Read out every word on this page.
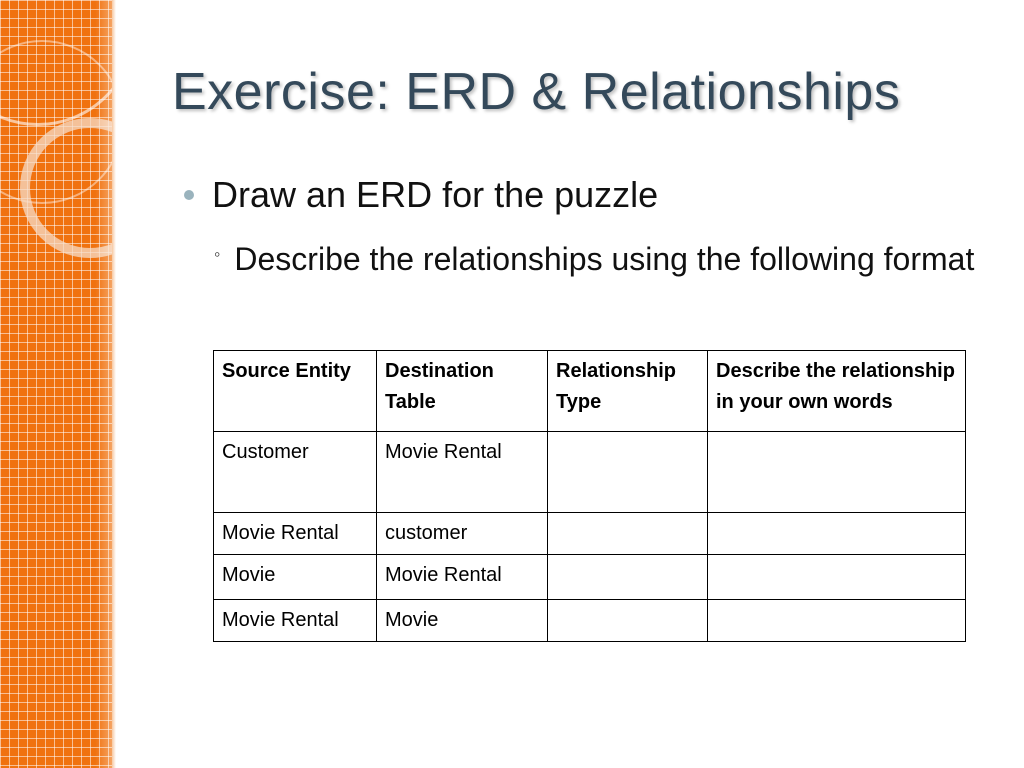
Exercise: ERD & Relationships
Draw an ERD for the puzzle
◦ Describe the relationships using the following format
Source Entity	Destination Table	Relationship Type	Describe the relationship in your own words
Customer	Movie Rental		
Movie Rental	customer		
Movie	Movie Rental		
Movie Rental	Movie		
